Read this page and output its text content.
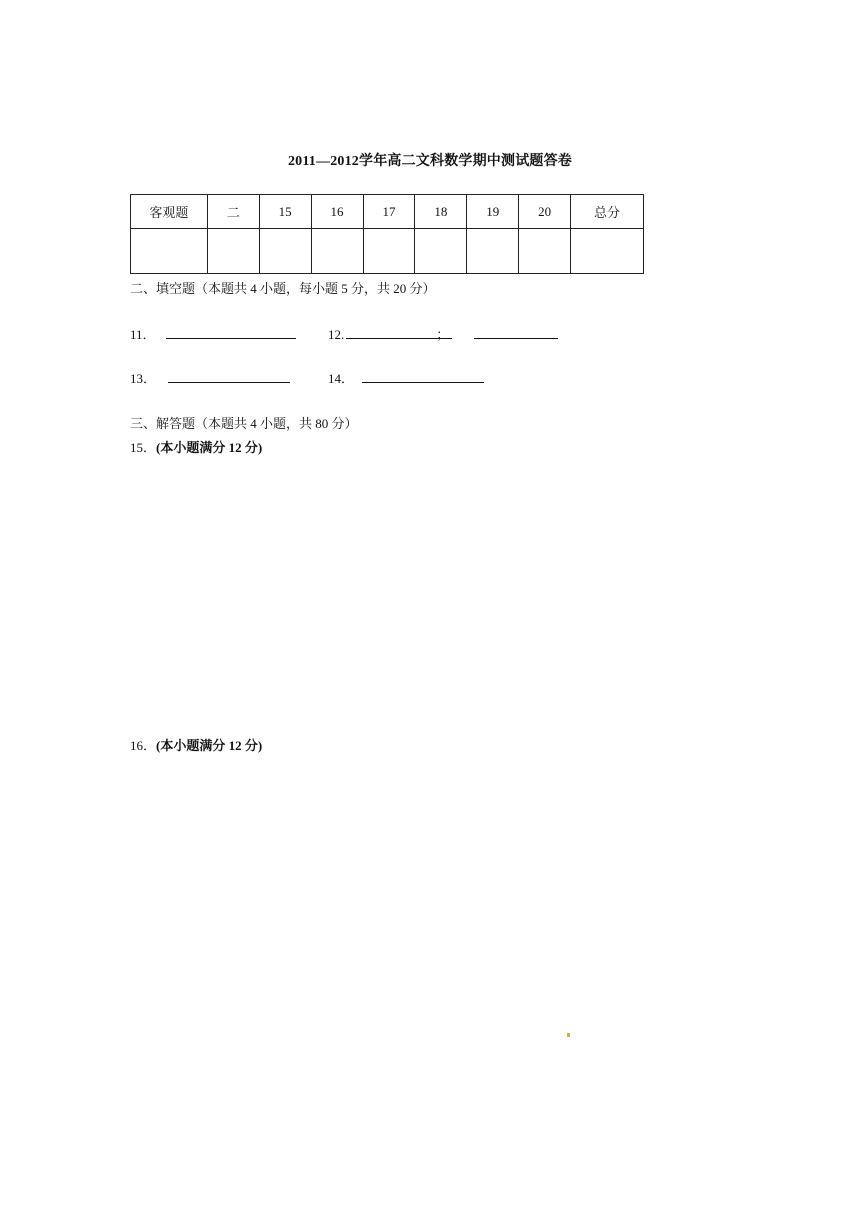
2011—2012学年高二文科数学期中测试题答卷
客观题	二	15	16	17	18	19	20	总分

二、填空题（本题共 4 小题，每小题 5 分，共 20 分）
11．	12.	；
13．	14．
三、解答题（本题共 4 小题，共 80 分）
15．(本小题满分 12 分)
16．(本小题满分 12 分)
